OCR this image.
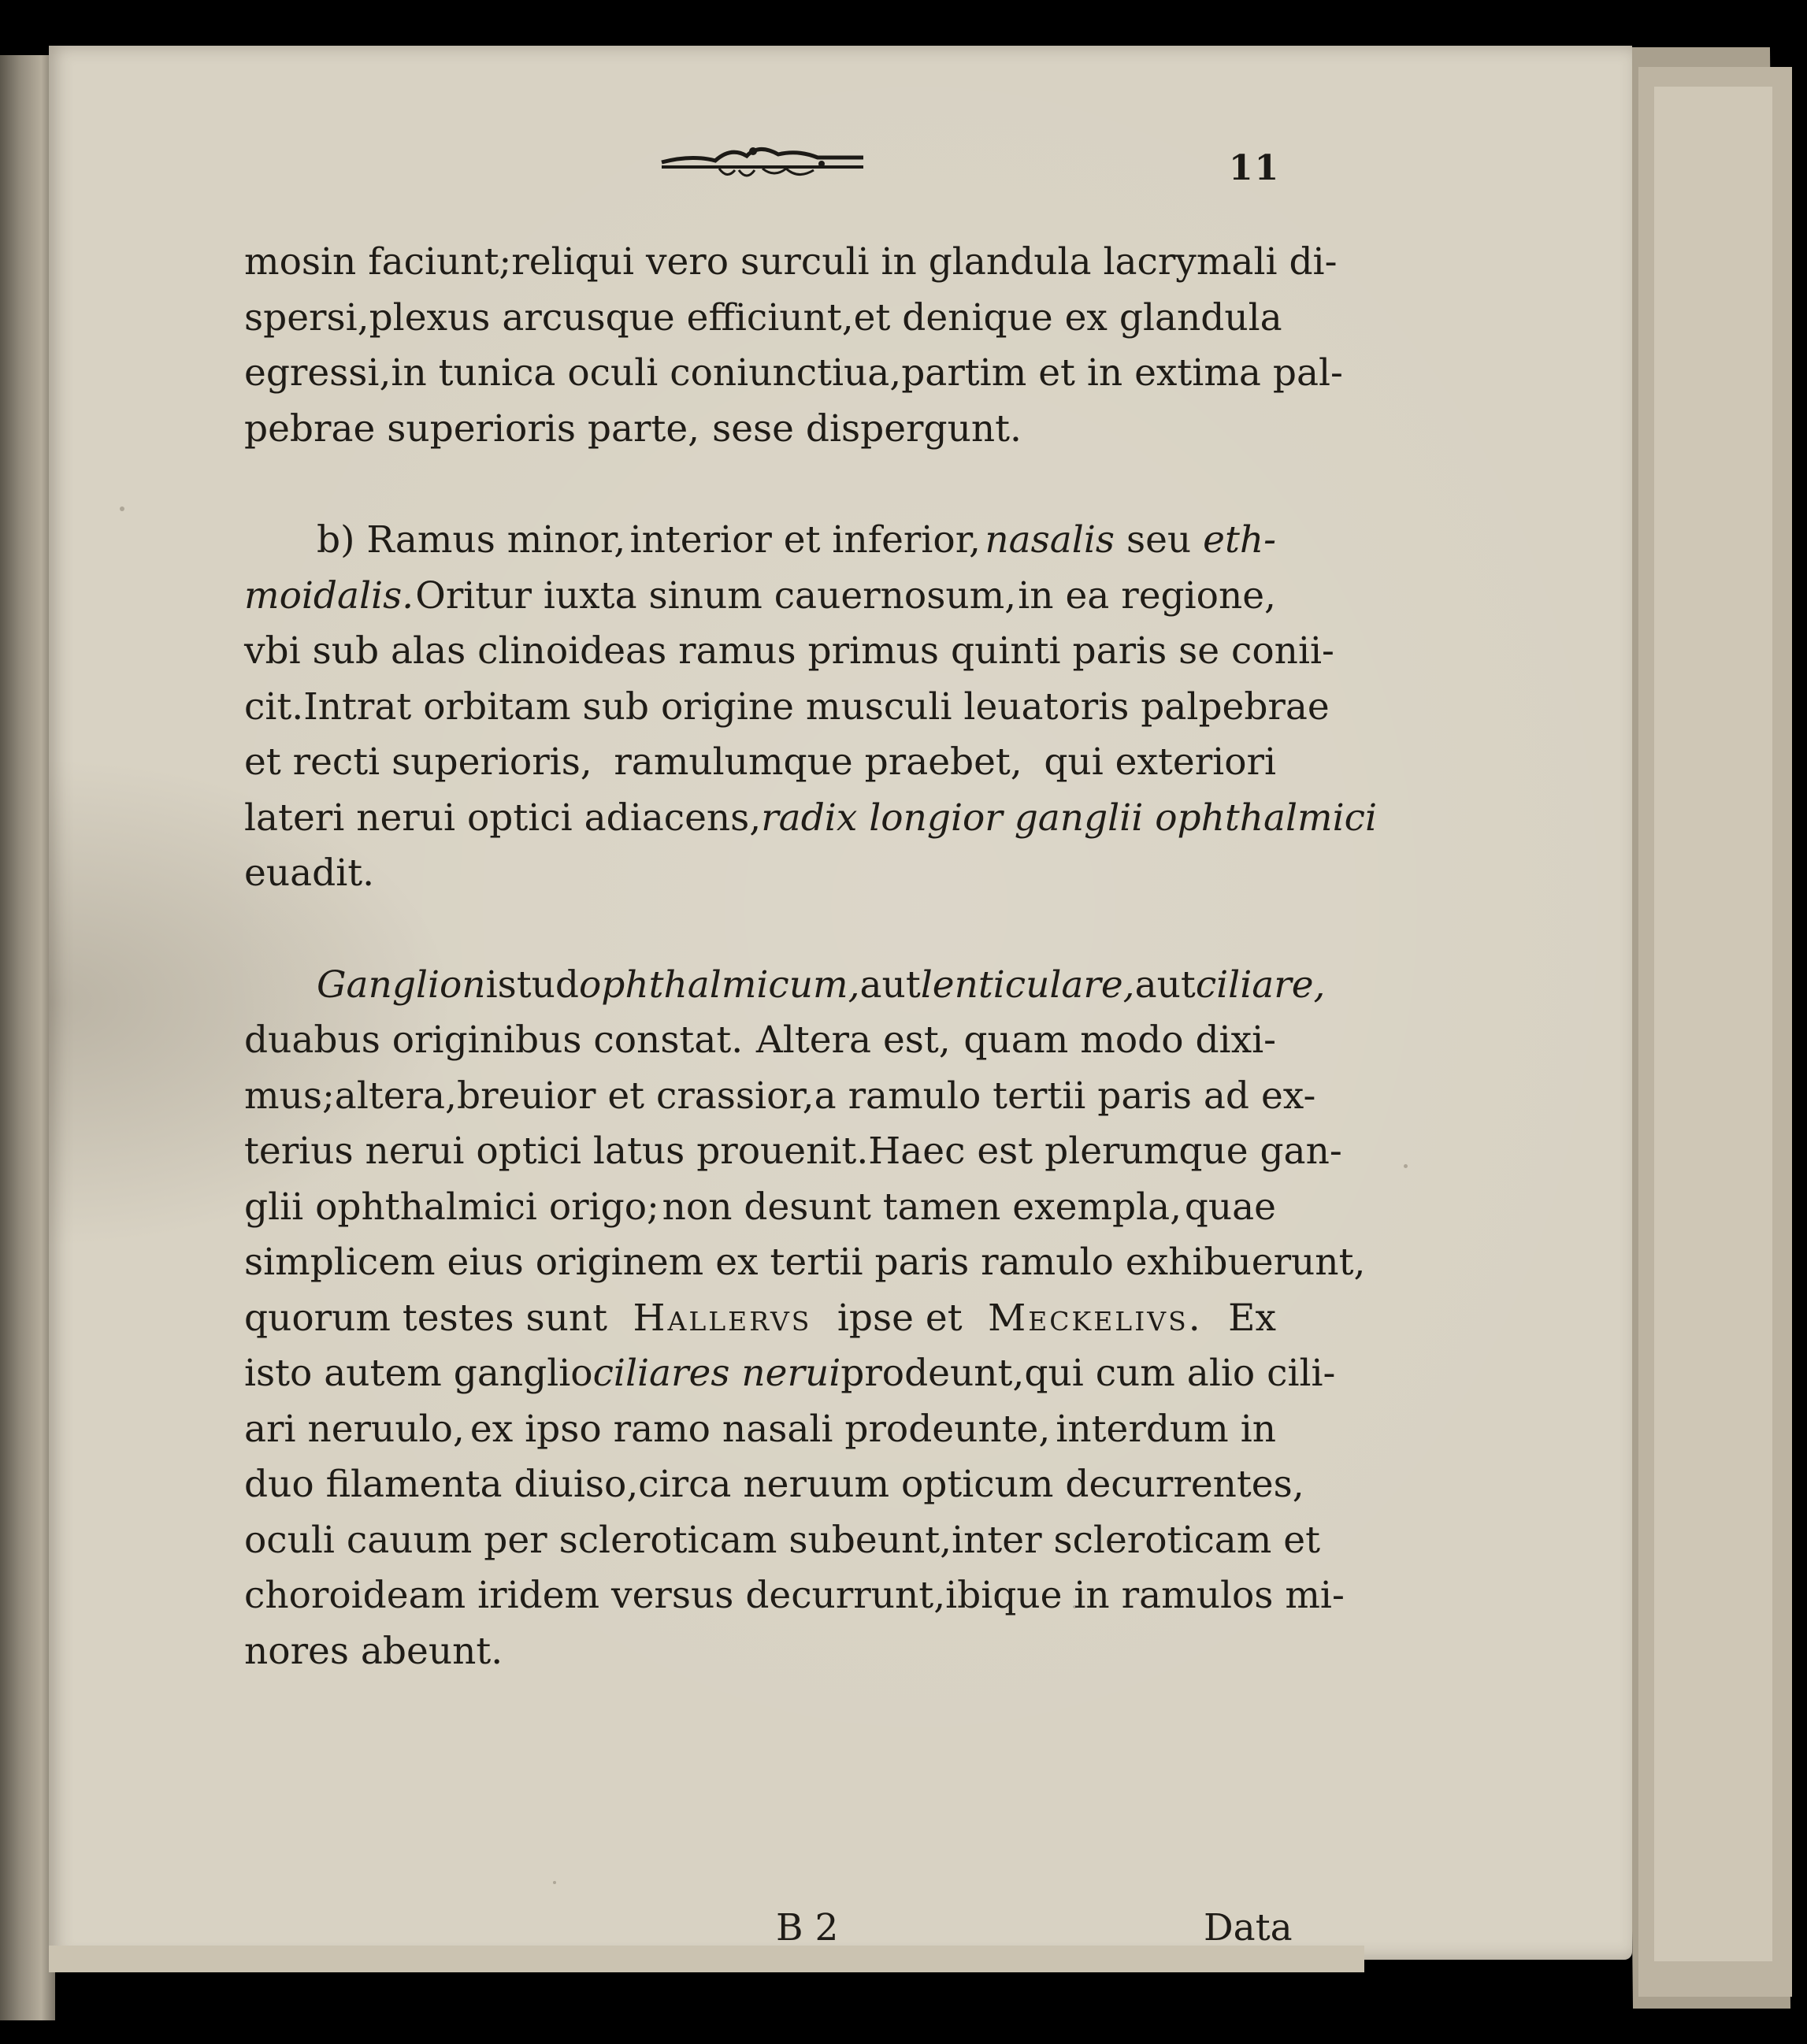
11
mosin faciunt; reliqui vero surculi in glandula lacrymali di-
spersi, plexus arcusque efficiunt, et denique ex glandula
egressi, in tunica oculi coniunctiua, partim et in extima pal-
pebrae superioris parte, sese dispergunt.
b) Ramus minor, interior et inferior, nasalis seu eth-
moidalis. Oritur iuxta sinum cauernosum, in ea regione,
vbi sub alas clinoideas ramus primus quinti paris se conii-
cit. Intrat orbitam sub origine musculi leuatoris palpebrae
et recti superioris, ramulumque praebet, qui exteriori
lateri nerui optici adiacens, radix longior ganglii ophthalmici
euadit.
Ganglion istud ophthalmicum, aut lenticulare, aut ciliare,
duabus originibus constat. Altera est, quam modo dixi-
mus; altera, breuior et crassior, a ramulo tertii paris ad ex-
terius nerui optici latus prouenit. Haec est plerumque gan-
glii ophthalmici origo; non desunt tamen exempla, quae
simplicem eius originem ex tertii paris ramulo exhibuerunt,
quorum testes sunt Hallervs ipse et Meckelivs. Ex
isto autem ganglio ciliares nerui prodeunt, qui cum alio cili-
ari neruulo, ex ipso ramo nasali prodeunte, interdum in
duo filamenta diuiso, circa neruum opticum decurrentes,
oculi cauum per scleroticam subeunt, inter scleroticam et
choroideam iridem versus decurrunt, ibique in ramulos mi-
nores abeunt.
B 2	Data
